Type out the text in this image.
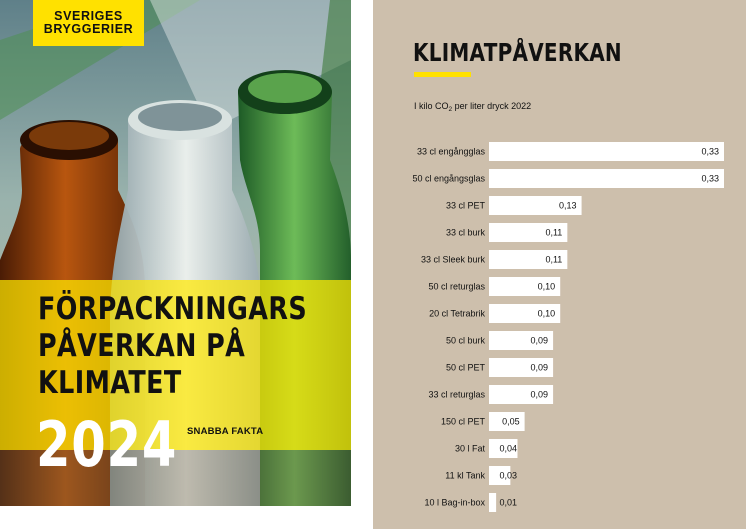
SVERIGES
BRYGGERIER
FÖRPACKNINGARS
PÅVERKAN PÅ
KLIMATET
2024 SNABBA FAKTA
KLIMATPÅVERKAN
I kilo $CO_2$ per liter dryck 2022
33 cl engångglas	0,33
50 cl engångsglas	0,33
33 cl PET	0,13
33 cl burk	0,11
33 cl Sleek burk	0,11
50 cl returglas	0,10
20 cl Tetrabrik	0,10
50 cl burk	0,09
50 cl PET	0,09
33 cl returglas	0,09
150 cl PET 0,05
30 l Fat 0,04
11 kl Tank 0,03
10 l Bag-in-box 0,01
